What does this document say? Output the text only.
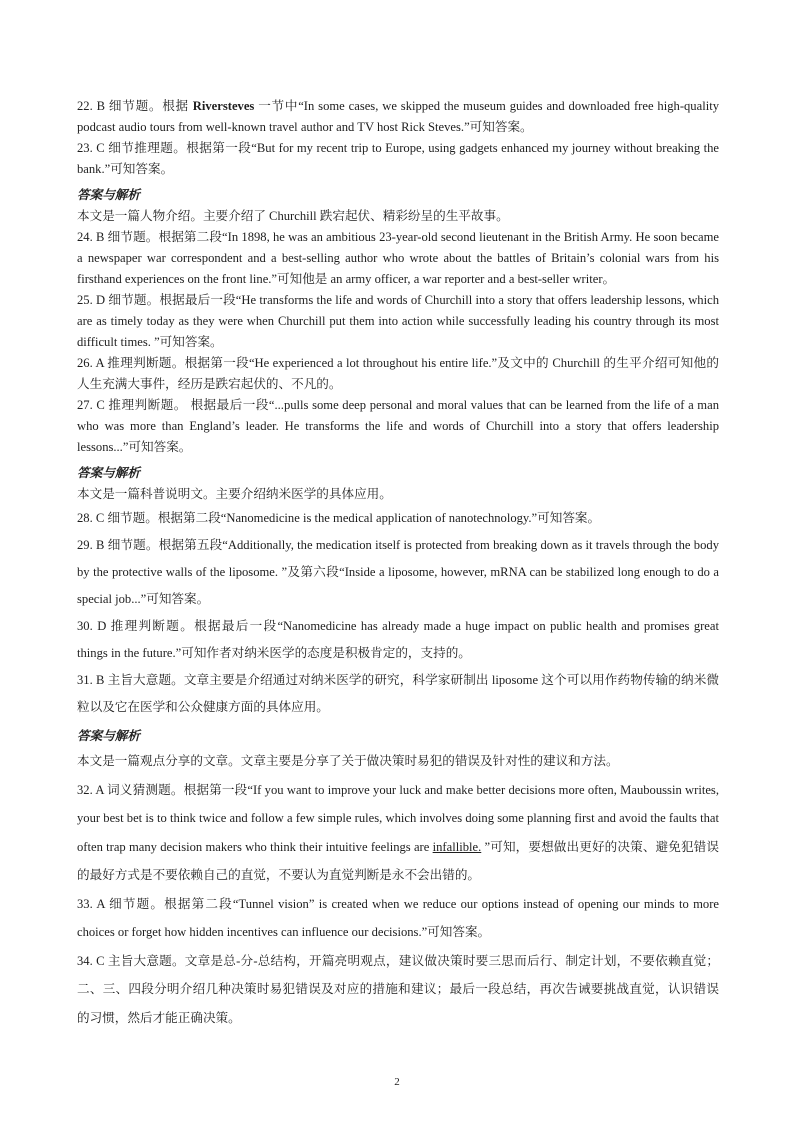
22. B 细节题。根据 Riversteves 一节中“In some cases, we skipped the museum guides and downloaded free high-quality podcast audio tours from well-known travel author and TV host Rick Steves.”可知答案。

23. C 细节推理题。根据第一段“But for my recent trip to Europe, using gadgets enhanced my journey without breaking the bank.”可知答案。

答案与解析

本文是一篇人物介绍。主要介绍了 Churchill 跌宕起伏、精彩纷呈的生平故事。

24. B 细节题。根据第二段“In 1898, he was an ambitious 23-year-old second lieutenant in the British Army. He soon became a newspaper war correspondent and a best-selling author who wrote about the battles of Britain’s colonial wars from his firsthand experiences on the front line.”可知他是 an army officer, a war reporter and a best-seller writer。

25. D 细节题。根据最后一段“He transforms the life and words of Churchill into a story that offers leadership lessons, which are as timely today as they were when Churchill put them into action while successfully leading his country through its most difficult times. ”可知答案。

26. A 推理判断题。根据第一段“He experienced a lot throughout his entire life.”及文中的 Churchill 的生平介绍可知他的人生充满大事件，经历是跌宕起伏的、不凡的。

27. C 推理判断题。 根据最后一段“...pulls some deep personal and moral values that can be learned from the life of a man who was more than England’s leader. He transforms the life and words of Churchill into a story that offers leadership lessons...”可知答案。

答案与解析

本文是一篇科普说明文。主要介绍纳米医学的具体应用。

28. C 细节题。根据第二段“Nanomedicine is the medical application of nanotechnology.”可知答案。

29. B 细节题。根据第五段“Additionally, the medication itself is protected from breaking down as it travels through the body by the protective walls of the liposome. ”及第六段“Inside a liposome, however, mRNA can be stabilized long enough to do a special job...”可知答案。

30. D 推理判断题。根据最后一段“Nanomedicine has already made a huge impact on public health and promises great things in the future.”可知作者对纳米医学的态度是积极肯定的，支持的。

31. B 主旨大意题。文章主要是介绍通过对纳米医学的研究，科学家研制出 liposome 这个可以用作药物传输的纳米微粒以及它在医学和公众健康方面的具体应用。

答案与解析

本文是一篇观点分享的文章。文章主要是分享了关于做决策时易犯的错误及针对性的建议和方法。

32. A 词义猜测题。根据第一段“If you want to improve your luck and make better decisions more often, Mauboussin writes, your best bet is to think twice and follow a few simple rules, which involves doing some planning first and avoid the faults that often trap many decision makers who think their intuitive feelings are infallible. ”可知，要想做出更好的决策、避免犯错误的最好方式是不要依赖自己的直觉，不要认为直觉判断是永不会出错的。

33. A 细节题。根据第二段“Tunnel vision” is created when we reduce our options instead of opening our minds to more choices or forget how hidden incentives can influence our decisions.”可知答案。

34. C 主旨大意题。文章是总-分-总结构，开篇亮明观点，建议做决策时要三思而后行、制定计划，不要依赖直觉；二、三、四段分明介绍几种决策时易犯错误及对应的措施和建议；最后一段总结，再次告诫要挑战直觉，认识错误的习惯，然后才能正确决策。

2
